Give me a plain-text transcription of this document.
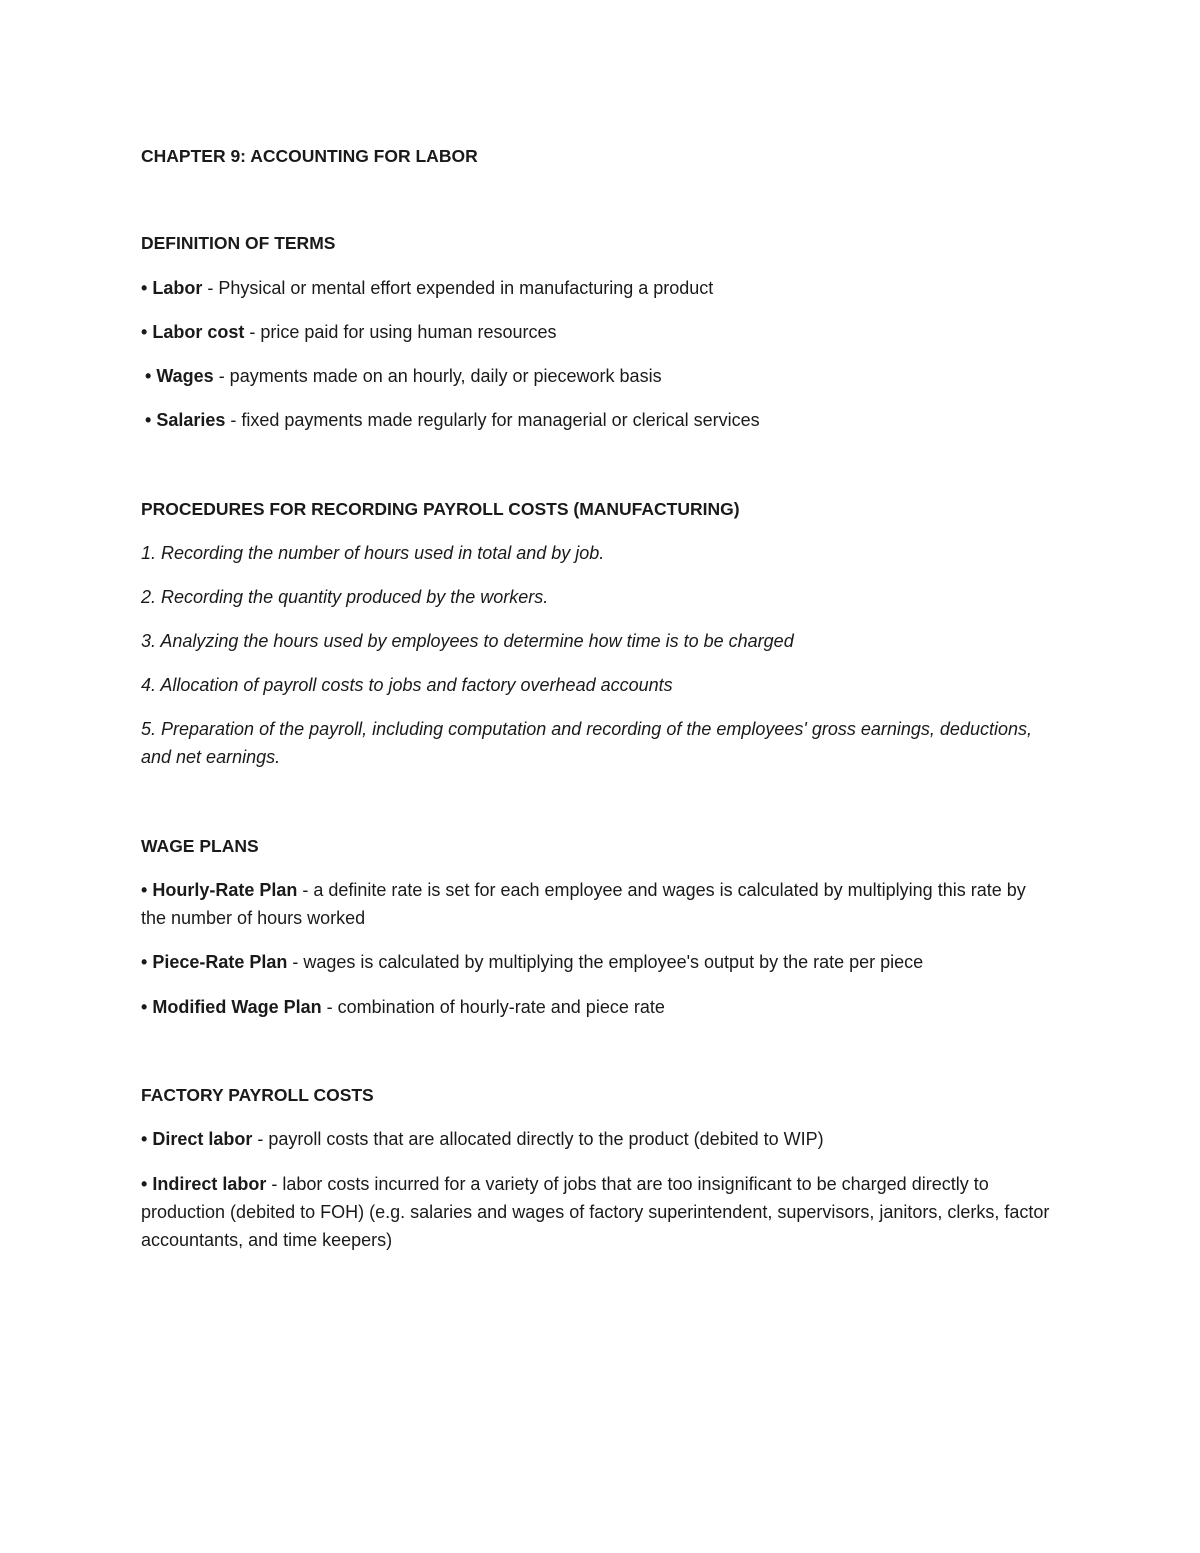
CHAPTER 9: ACCOUNTING FOR LABOR
DEFINITION OF TERMS
• Labor - Physical or mental effort expended in manufacturing a product
• Labor cost - price paid for using human resources
• Wages - payments made on an hourly, daily or piecework basis
• Salaries - fixed payments made regularly for managerial or clerical services
PROCEDURES FOR RECORDING PAYROLL COSTS (MANUFACTURING)
1. Recording the number of hours used in total and by job.
2. Recording the quantity produced by the workers.
3. Analyzing the hours used by employees to determine how time is to be charged
4. Allocation of payroll costs to jobs and factory overhead accounts
5. Preparation of the payroll, including computation and recording of the employees' gross earnings, deductions, and net earnings.
WAGE PLANS
• Hourly-Rate Plan - a definite rate is set for each employee and wages is calculated by multiplying this rate by the number of hours worked
• Piece-Rate Plan - wages is calculated by multiplying the employee's output by the rate per piece
• Modified Wage Plan - combination of hourly-rate and piece rate
FACTORY PAYROLL COSTS
• Direct labor - payroll costs that are allocated directly to the product (debited to WIP)
• Indirect labor - labor costs incurred for a variety of jobs that are too insignificant to be charged directly to production (debited to FOH) (e.g. salaries and wages of factory superintendent, supervisors, janitors, clerks, factor accountants, and time keepers)
